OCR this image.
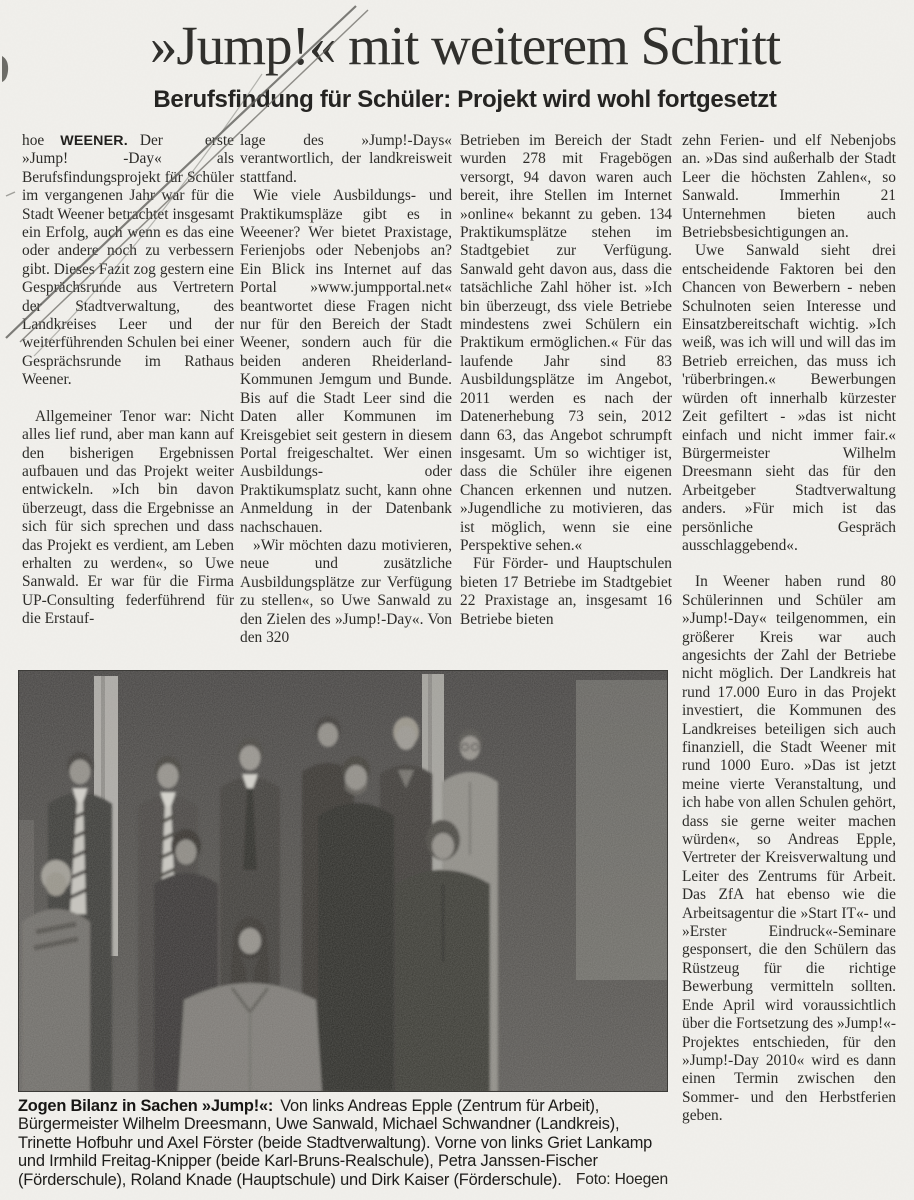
»Jump!« mit weiterem Schritt
Berufsfindung für Schüler: Projekt wird wohl fortgesetzt

hoe WEENER. Der erste »Jump! -Day« als Berufsfindungsprojekt für Schüler im vergangenen Jahr war für die Stadt Weener betrachtet insgesamt ein Erfolg, auch wenn es das eine oder andere noch zu verbessern gibt. Dieses Fazit zog gestern eine Gesprächsrunde aus Vertretern der Stadtverwaltung, des Landkreises Leer und der weiterführenden Schulen bei einer Gesprächsrunde im Rathaus Weener.

Allgemeiner Tenor war: Nicht alles lief rund, aber man kann auf den bisherigen Ergebnissen aufbauen und das Projekt weiter entwickeln. »Ich bin davon überzeugt, dass die Ergebnisse an sich für sich sprechen und dass das Projekt es verdient, am Leben erhalten zu werden«, so Uwe Sanwald. Er war für die Firma UP-Consulting federführend für die Erstauf-

lage des »Jump!-Days« verantwortlich, der landkreisweit stattfand.

Wie viele Ausbildungs- und Praktikumspläze gibt es in Weeener? Wer bietet Praxistage, Ferienjobs oder Nebenjobs an? Ein Blick ins Internet auf das Portal »www.jumpportal.net« beantwortet diese Fragen nicht nur für den Bereich der Stadt Weener, sondern auch für die beiden anderen Rheiderland-Kommunen Jemgum und Bunde. Bis auf die Stadt Leer sind die Daten aller Kommunen im Kreisgebiet seit gestern in diesem Portal freigeschaltet. Wer einen Ausbildungs- oder Praktikumsplatz sucht, kann ohne Anmeldung in der Datenbank nachschauen.

»Wir möchten dazu motivieren, neue und zusätzliche Ausbildungsplätze zur Verfügung zu stellen«, so Uwe Sanwald zu den Zielen des »Jump!-Day«. Von den 320

Betrieben im Bereich der Stadt wurden 278 mit Fragebögen versorgt, 94 davon waren auch bereit, ihre Stellen im Internet »online« bekannt zu geben. 134 Praktikumsplätze stehen im Stadtgebiet zur Verfügung. Sanwald geht davon aus, dass die tatsächliche Zahl höher ist. »Ich bin überzeugt, dss viele Betriebe mindestens zwei Schülern ein Praktikum ermöglichen.« Für das laufende Jahr sind 83 Ausbildungsplätze im Angebot, 2011 werden es nach der Datenerhebung 73 sein, 2012 dann 63, das Angebot schrumpft insgesamt. Um so wichtiger ist, dass die Schüler ihre eigenen Chancen erkennen und nutzen. »Jugendliche zu motivieren, das ist möglich, wenn sie eine Perspektive sehen.«

Für Förder- und Hauptschulen bieten 17 Betriebe im Stadtgebiet 22 Praxistage an, insgesamt 16 Betriebe bieten

zehn Ferien- und elf Nebenjobs an. »Das sind außerhalb der Stadt Leer die höchsten Zahlen«, so Sanwald. Immerhin 21 Unternehmen bieten auch Betriebsbesichtigungen an.

Uwe Sanwald sieht drei entscheidende Faktoren bei den Chancen von Bewerbern - neben Schulnoten seien Interesse und Einsatzbereitschaft wichtig. »Ich weiß, was ich will und will das im Betrieb erreichen, das muss ich 'rüberbringen.« Bewerbungen würden oft innerhalb kürzester Zeit gefiltert - »das ist nicht einfach und nicht immer fair.« Bürgermeister Wilhelm Dreesmann sieht das für den Arbeitgeber Stadtverwaltung anders. »Für mich ist das persönliche Gespräch ausschlaggebend«.

In Weener haben rund 80 Schülerinnen und Schüler am »Jump!-Day« teilgenommen, ein größerer Kreis war auch angesichts der Zahl der Betriebe nicht möglich. Der Landkreis hat rund 17.000 Euro in das Projekt investiert, die Kommunen des Landkreises beteiligen sich auch finanziell, die Stadt Weener mit rund 1000 Euro. »Das ist jetzt meine vierte Veranstaltung, und ich habe von allen Schulen gehört, dass sie gerne weiter machen würden«, so Andreas Epple, Vertreter der Kreisverwaltung und Leiter des Zentrums für Arbeit. Das ZfA hat ebenso wie die Arbeitsagentur die »Start IT«- und »Erster Eindruck«-Seminare gesponsert, die den Schülern das Rüstzeug für die richtige Bewerbung vermitteln sollten. Ende April wird voraussichtlich über die Fortsetzung des »Jump!«-Projektes entschieden, für den »Jump!-Day 2010« wird es dann einen Termin zwischen den Sommer- und den Herbstferien geben.

Zogen Bilanz in Sachen »Jump!«: Von links Andreas Epple (Zentrum für Arbeit), Bürgermeister Wilhelm Dreesmann, Uwe Sanwald, Michael Schwandner (Landkreis), Trinette Hofbuhr und Axel Förster (beide Stadtverwaltung). Vorne von links Griet Lankamp und Irmhild Freitag-Knipper (beide Karl-Bruns-Realschule), Petra Janssen-Fischer (Förderschule), Roland Knade (Hauptschule) und Dirk Kaiser (Förderschule). Foto: Hoegen
